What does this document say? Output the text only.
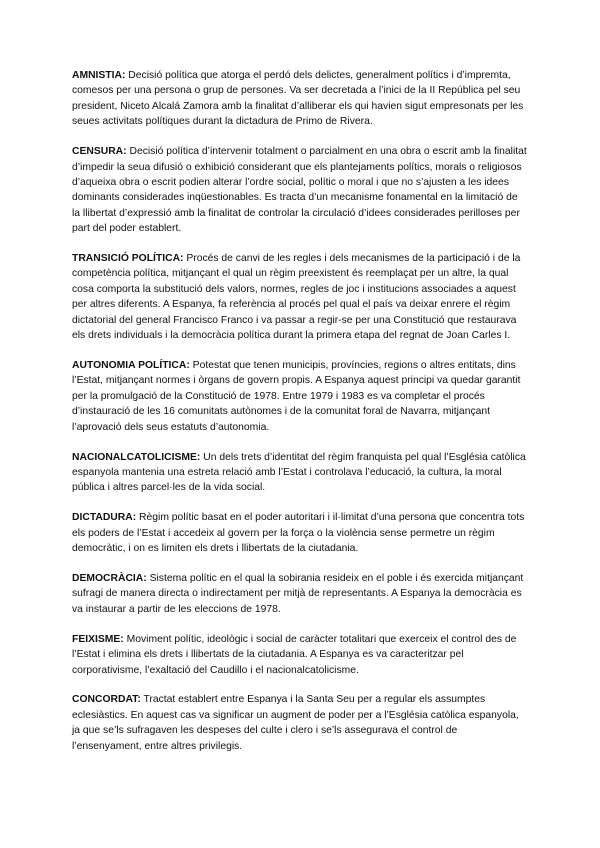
AMNISTIA: Decisió política que atorga el perdó dels delictes, generalment polítics i d’impremta, comesos per una persona o grup de persones. Va ser decretada a l’inici de la II República pel seu president, Niceto Alcalá Zamora amb la finalitat d’alliberar els qui havien sigut empresonats per les seues activitats polítiques durant la dictadura de Primo de Rivera.

CENSURA: Decisió política d’intervenir totalment o parcialment en una obra o escrit amb la finalitat d’impedir la seua difusió o exhibició considerant que els plantejaments polítics, morals o religiosos d’aqueixa obra o escrit podien alterar l’ordre social, polític o moral i que no s’ajusten a les idees dominants considerades inqüestionables. Es tracta d’un mecanisme fonamental en la limitació de la llibertat d’expressió amb la finalitat de controlar la circulació d’idees considerades perilloses per part del poder establert.

TRANSICIÓ POLÍTICA: Procés de canvi de les regles i dels mecanismes de la participació i de la competència política, mitjançant el qual un règim preexistent és reemplaçat per un altre, la qual cosa comporta la substitució dels valors, normes, regles de joc i institucions associades a aquest per altres diferents. A Espanya, fa referència al procés pel qual el país va deixar enrere el règim dictatorial del general Francisco Franco i va passar a regir-se per una Constitució que restaurava els drets individuals i la democràcia política durant la primera etapa del regnat de Joan Carles I.

AUTONOMIA POLÍTICA: Potestat que tenen municipis, províncies, regions o altres entitats, dins l’Estat, mitjançant normes i òrgans de govern propis. A Espanya aquest principi va quedar garantit per la promulgació de la Constitució de 1978. Entre 1979 i 1983 es va completar el procés d’instauració de les 16 comunitats autònomes i de la comunitat foral de Navarra, mitjançant l’aprovació dels seus estatuts d’autonomia.

NACIONALCATOLICISME: Un dels trets d’identitat del règim franquista pel qual l’Església catòlica espanyola mantenia una estreta relació amb l’Estat i controlava l’educació, la cultura, la moral pública i altres parcel·les de la vida social.

DICTADURA: Règim polític basat en el poder autoritari i il·limitat d’una persona que concentra tots els poders de l’Estat i accedeix al govern per la força o la violència sense permetre un règim democràtic, i on es limiten els drets i llibertats de la ciutadania.

DEMOCRÀCIA: Sistema polític en el qual la sobirania resideix en el poble i és exercida mitjançant sufragi de manera directa o indirectament per mitjà de representants. A Espanya la democràcia es va instaurar a partir de les eleccions de 1978.

FEIXISME: Moviment polític, ideològic i social de caràcter totalitari que exerceix el control des de l’Estat i elimina els drets i llibertats de la ciutadania. A Espanya es va caracteritzar pel corporativisme, l’exaltació del Caudillo i el nacionalcatolicisme.

CONCORDAT: Tractat establert entre Espanya i la Santa Seu per a regular els assumptes eclesiàstics. En aquest cas va significar un augment de poder per a l’Església catòlica espanyola, ja que se’ls sufragaven les despeses del culte i clero i se’ls assegurava el control de l’ensenyament, entre altres privilegis.
